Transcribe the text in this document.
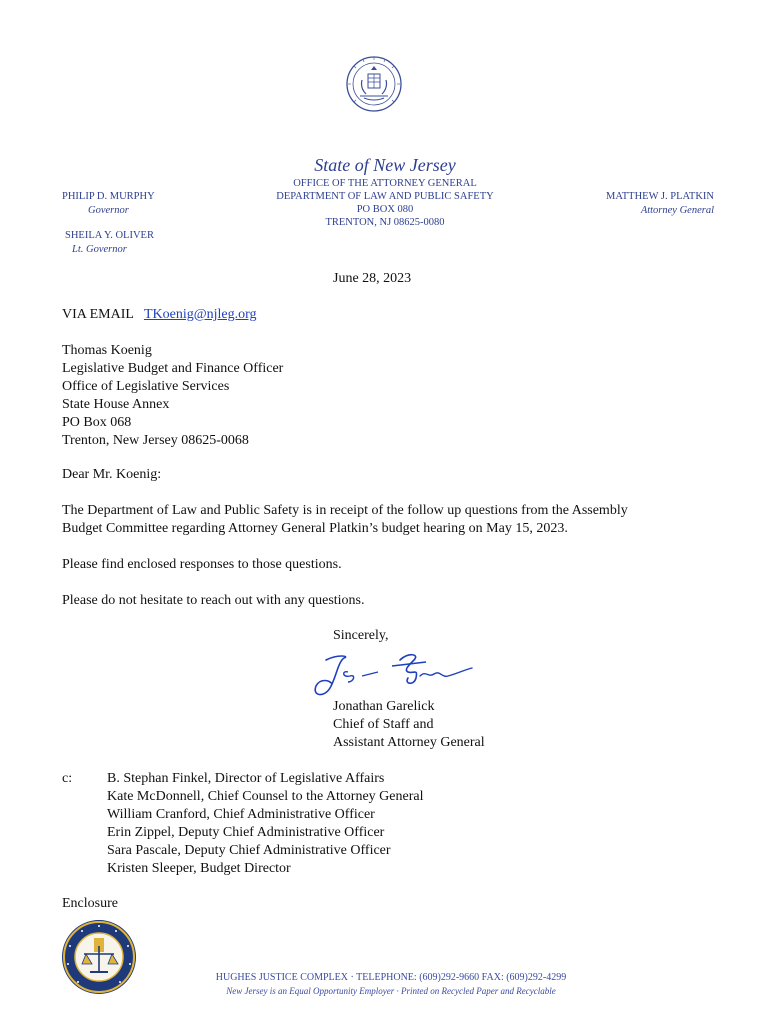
State of New Jersey
OFFICE OF THE ATTORNEY GENERAL
DEPARTMENT OF LAW AND PUBLIC SAFETY
PO BOX 080
TRENTON, NJ 08625-0080
PHILIP D. MURPHY
Governor
SHEILA Y. OLIVER
Lt. Governor
MATTHEW J. PLATKIN
Attorney General
June 28, 2023
VIA EMAIL TKoenig@njleg.org
Thomas Koenig
Legislative Budget and Finance Officer
Office of Legislative Services
State House Annex
PO Box 068
Trenton, New Jersey 08625-0068
Dear Mr. Koenig:
The Department of Law and Public Safety is in receipt of the follow up questions from the Assembly
Budget Committee regarding Attorney General Platkin’s budget hearing on May 15, 2023.
Please find enclosed responses to those questions.
Please do not hesitate to reach out with any questions.
Sincerely,
Jonathan Garelick
Chief of Staff and
Assistant Attorney General
c: B. Stephan Finkel, Director of Legislative Affairs
Kate McDonnell, Chief Counsel to the Attorney General
William Cranford, Chief Administrative Officer
Erin Zippel, Deputy Chief Administrative Officer
Sara Pascale, Deputy Chief Administrative Officer
Kristen Sleeper, Budget Director
Enclosure
HUGHES JUSTICE COMPLEX · TELEPHONE: (609)292-9660 FAX: (609)292-4299
New Jersey is an Equal Opportunity Employer · Printed on Recycled Paper and Recyclable
